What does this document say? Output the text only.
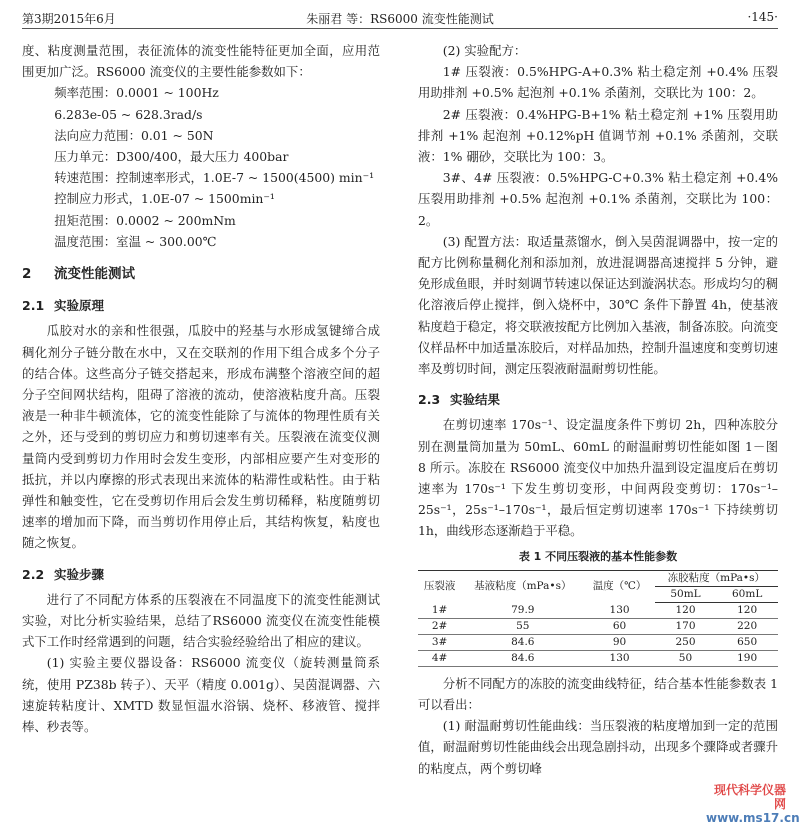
第3期2015年6月	朱丽君 等：RS6000 流变性能测试	·145·

度、粘度测量范围，表征流体的流变性能特征更加全面，应用范围更加广泛。RS6000 流变仪的主要性能参数如下：

频率范围：0.0001 ~ 100Hz

6.283e-05 ~ 628.3rad/s

法向应力范围：0.01 ~ 50N

压力单元：D300/400，最大压力 400bar

转速范围：控制速率形式，1.0E-7 ~ 1500(4500) min⁻¹

控制应力形式，1.0E-07 ~ 1500min⁻¹

扭矩范围：0.0002 ~ 200mNm

温度范围：室温 ~ 300.00℃

2 流变性能测试
2.1 实验原理

瓜胶对水的亲和性很强，瓜胶中的羟基与水形成氢键缔合成稠化剂分子链分散在水中，又在交联剂的作用下组合成多个分子的结合体。这些高分子链交搭起来，形成布满整个溶液空间的超分子空间网状结构，阻碍了溶液的流动，使溶液粘度升高。压裂液是一种非牛顿流体，它的流变性能除了与流体的物理性质有关之外，还与受到的剪切应力和剪切速率有关。压裂液在流变仪测量筒内受到剪切力作用时会发生变形，内部相应要产生对变形的抵抗，并以内摩擦的形式表现出来流体的粘滞性或粘性。由于粘弹性和触变性，它在受剪切作用后会发生剪切稀释，粘度随剪切速率的增加而下降，而当剪切作用停止后，其结构恢复，粘度也随之恢复。

2.2 实验步骤

进行了不同配方体系的压裂液在不同温度下的流变性能测试实验，对比分析实验结果，总结了RS6000 流变仪在流变性能模式下工作时经常遇到的问题，结合实验经验给出了相应的建议。

(1) 实验主要仪器设备：RS6000 流变仪（旋转测量筒系统，使用 PZ38b 转子）、天平（精度 0.001g）、吴茵混调器、六速旋转粘度计、XMTD 数显恒温水浴锅、烧杯、移液管、搅拌棒、秒表等。

(2) 实验配方：

1# 压裂液：0.5%HPG-A+0.3% 粘土稳定剂 +0.4% 压裂用助排剂 +0.5% 起泡剂 +0.1% 杀菌剂，交联比为 100：2。

2# 压裂液：0.4%HPG-B+1% 粘土稳定剂 +1% 压裂用助排剂 +1% 起泡剂 +0.12%pH 值调节剂 +0.1% 杀菌剂，交联液：1% 硼砂，交联比为 100：3。

3#、4# 压裂液：0.5%HPG-C+0.3% 粘土稳定剂 +0.4% 压裂用助排剂 +0.5% 起泡剂 +0.1% 杀菌剂，交联比为 100：2。

(3) 配置方法：取适量蒸馏水，倒入吴茵混调器中，按一定的配方比例称量稠化剂和添加剂，放进混调器高速搅拌 5 分钟，避免形成鱼眼，并时刻调节转速以保证达到漩涡状态。形成均匀的稠化溶液后停止搅拌，倒入烧杯中，30℃ 条件下静置 4h，使基液粘度趋于稳定，将交联液按配方比例加入基液，制备冻胶。向流变仪样品杯中加适量冻胶后，对样品加热，控制升温速度和变剪切速率及剪切时间，测定压裂液耐温耐剪切性能。

2.3 实验结果

在剪切速率 170s⁻¹、设定温度条件下剪切 2h，四种冻胶分别在测量筒加量为 50mL、60mL 的耐温耐剪切性能如图 1－图 8 所示。冻胶在 RS6000 流变仪中加热升温到设定温度后在剪切速率为 170s⁻¹ 下发生剪切变形，中间两段变剪切：170s⁻¹–25s⁻¹，25s⁻¹–170s⁻¹，最后恒定剪切速率 170s⁻¹ 下持续剪切 1h，曲线形态逐渐趋于平稳。

表 1 不同压裂液的基本性能参数
压裂液	基液粘度（mPa•s）	温度（℃）	冻胶粘度（mPa•s）	
			50mL	60mL
1#	79.9	130	120	120
2#	55	60	170	220
3#	84.6	90	250	650
4#	84.6	130	50	190

分析不同配方的冻胶的流变曲线特征，结合基本性能参数表 1 可以看出：

(1) 耐温耐剪切性能曲线：当压裂液的粘度增加到一定的范围值，耐温耐剪切性能曲线会出现急剧抖动，出现多个骤降或者骤升的粘度点，两个剪切峰

现代科学仪器网
www.ms17.cn
